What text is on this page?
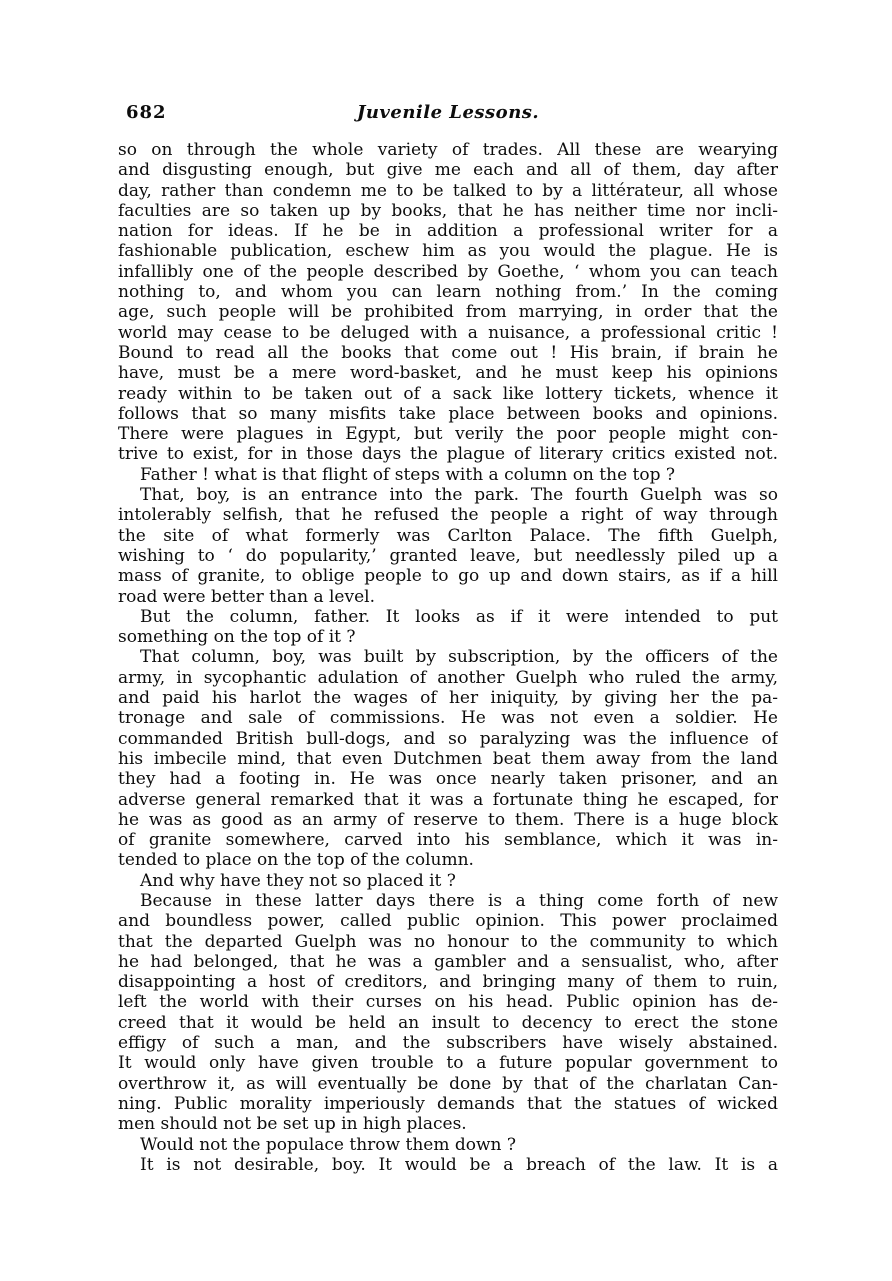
682	Juvenile Lessons.
so on through the whole variety of trades. All these are wearying
and disgusting enough, but give me each and all of them, day after
day, rather than condemn me to be talked to by a littérateur, all whose
faculties are so taken up by books, that he has neither time nor incli-
nation for ideas. If he be in addition a professional writer for a
fashionable publication, eschew him as you would the plague. He is
infallibly one of the people described by Goethe, ‘ whom you can teach
nothing to, and whom you can learn nothing from.’ In the coming
age, such people will be prohibited from marrying, in order that the
world may cease to be deluged with a nuisance, a professional critic !
Bound to read all the books that come out ! His brain, if brain he
have, must be a mere word-basket, and he must keep his opinions
ready within to be taken out of a sack like lottery tickets, whence it
follows that so many misfits take place between books and opinions.
There were plagues in Egypt, but verily the poor people might con-
trive to exist, for in those days the plague of literary critics existed not.
Father ! what is that flight of steps with a column on the top ?
That, boy, is an entrance into the park. The fourth Guelph was so
intolerably selfish, that he refused the people a right of way through
the site of what formerly was Carlton Palace. The fifth Guelph,
wishing to ‘ do popularity,’ granted leave, but needlessly piled up a
mass of granite, to oblige people to go up and down stairs, as if a hill
road were better than a level.
But the column, father. It looks as if it were intended to put
something on the top of it ?
That column, boy, was built by subscription, by the officers of the
army, in sycophantic adulation of another Guelph who ruled the army,
and paid his harlot the wages of her iniquity, by giving her the pa-
tronage and sale of commissions. He was not even a soldier. He
commanded British bull-dogs, and so paralyzing was the influence of
his imbecile mind, that even Dutchmen beat them away from the land
they had a footing in. He was once nearly taken prisoner, and an
adverse general remarked that it was a fortunate thing he escaped, for
he was as good as an army of reserve to them. There is a huge block
of granite somewhere, carved into his semblance, which it was in-
tended to place on the top of the column.
And why have they not so placed it ?
Because in these latter days there is a thing come forth of new
and boundless power, called public opinion. This power proclaimed
that the departed Guelph was no honour to the community to which
he had belonged, that he was a gambler and a sensualist, who, after
disappointing a host of creditors, and bringing many of them to ruin,
left the world with their curses on his head. Public opinion has de-
creed that it would be held an insult to decency to erect the stone
effigy of such a man, and the subscribers have wisely abstained.
It would only have given trouble to a future popular government to
overthrow it, as will eventually be done by that of the charlatan Can-
ning. Public morality imperiously demands that the statues of wicked
men should not be set up in high places.
Would not the populace throw them down ?
It is not desirable, boy. It would be a breach of the law. It is a
